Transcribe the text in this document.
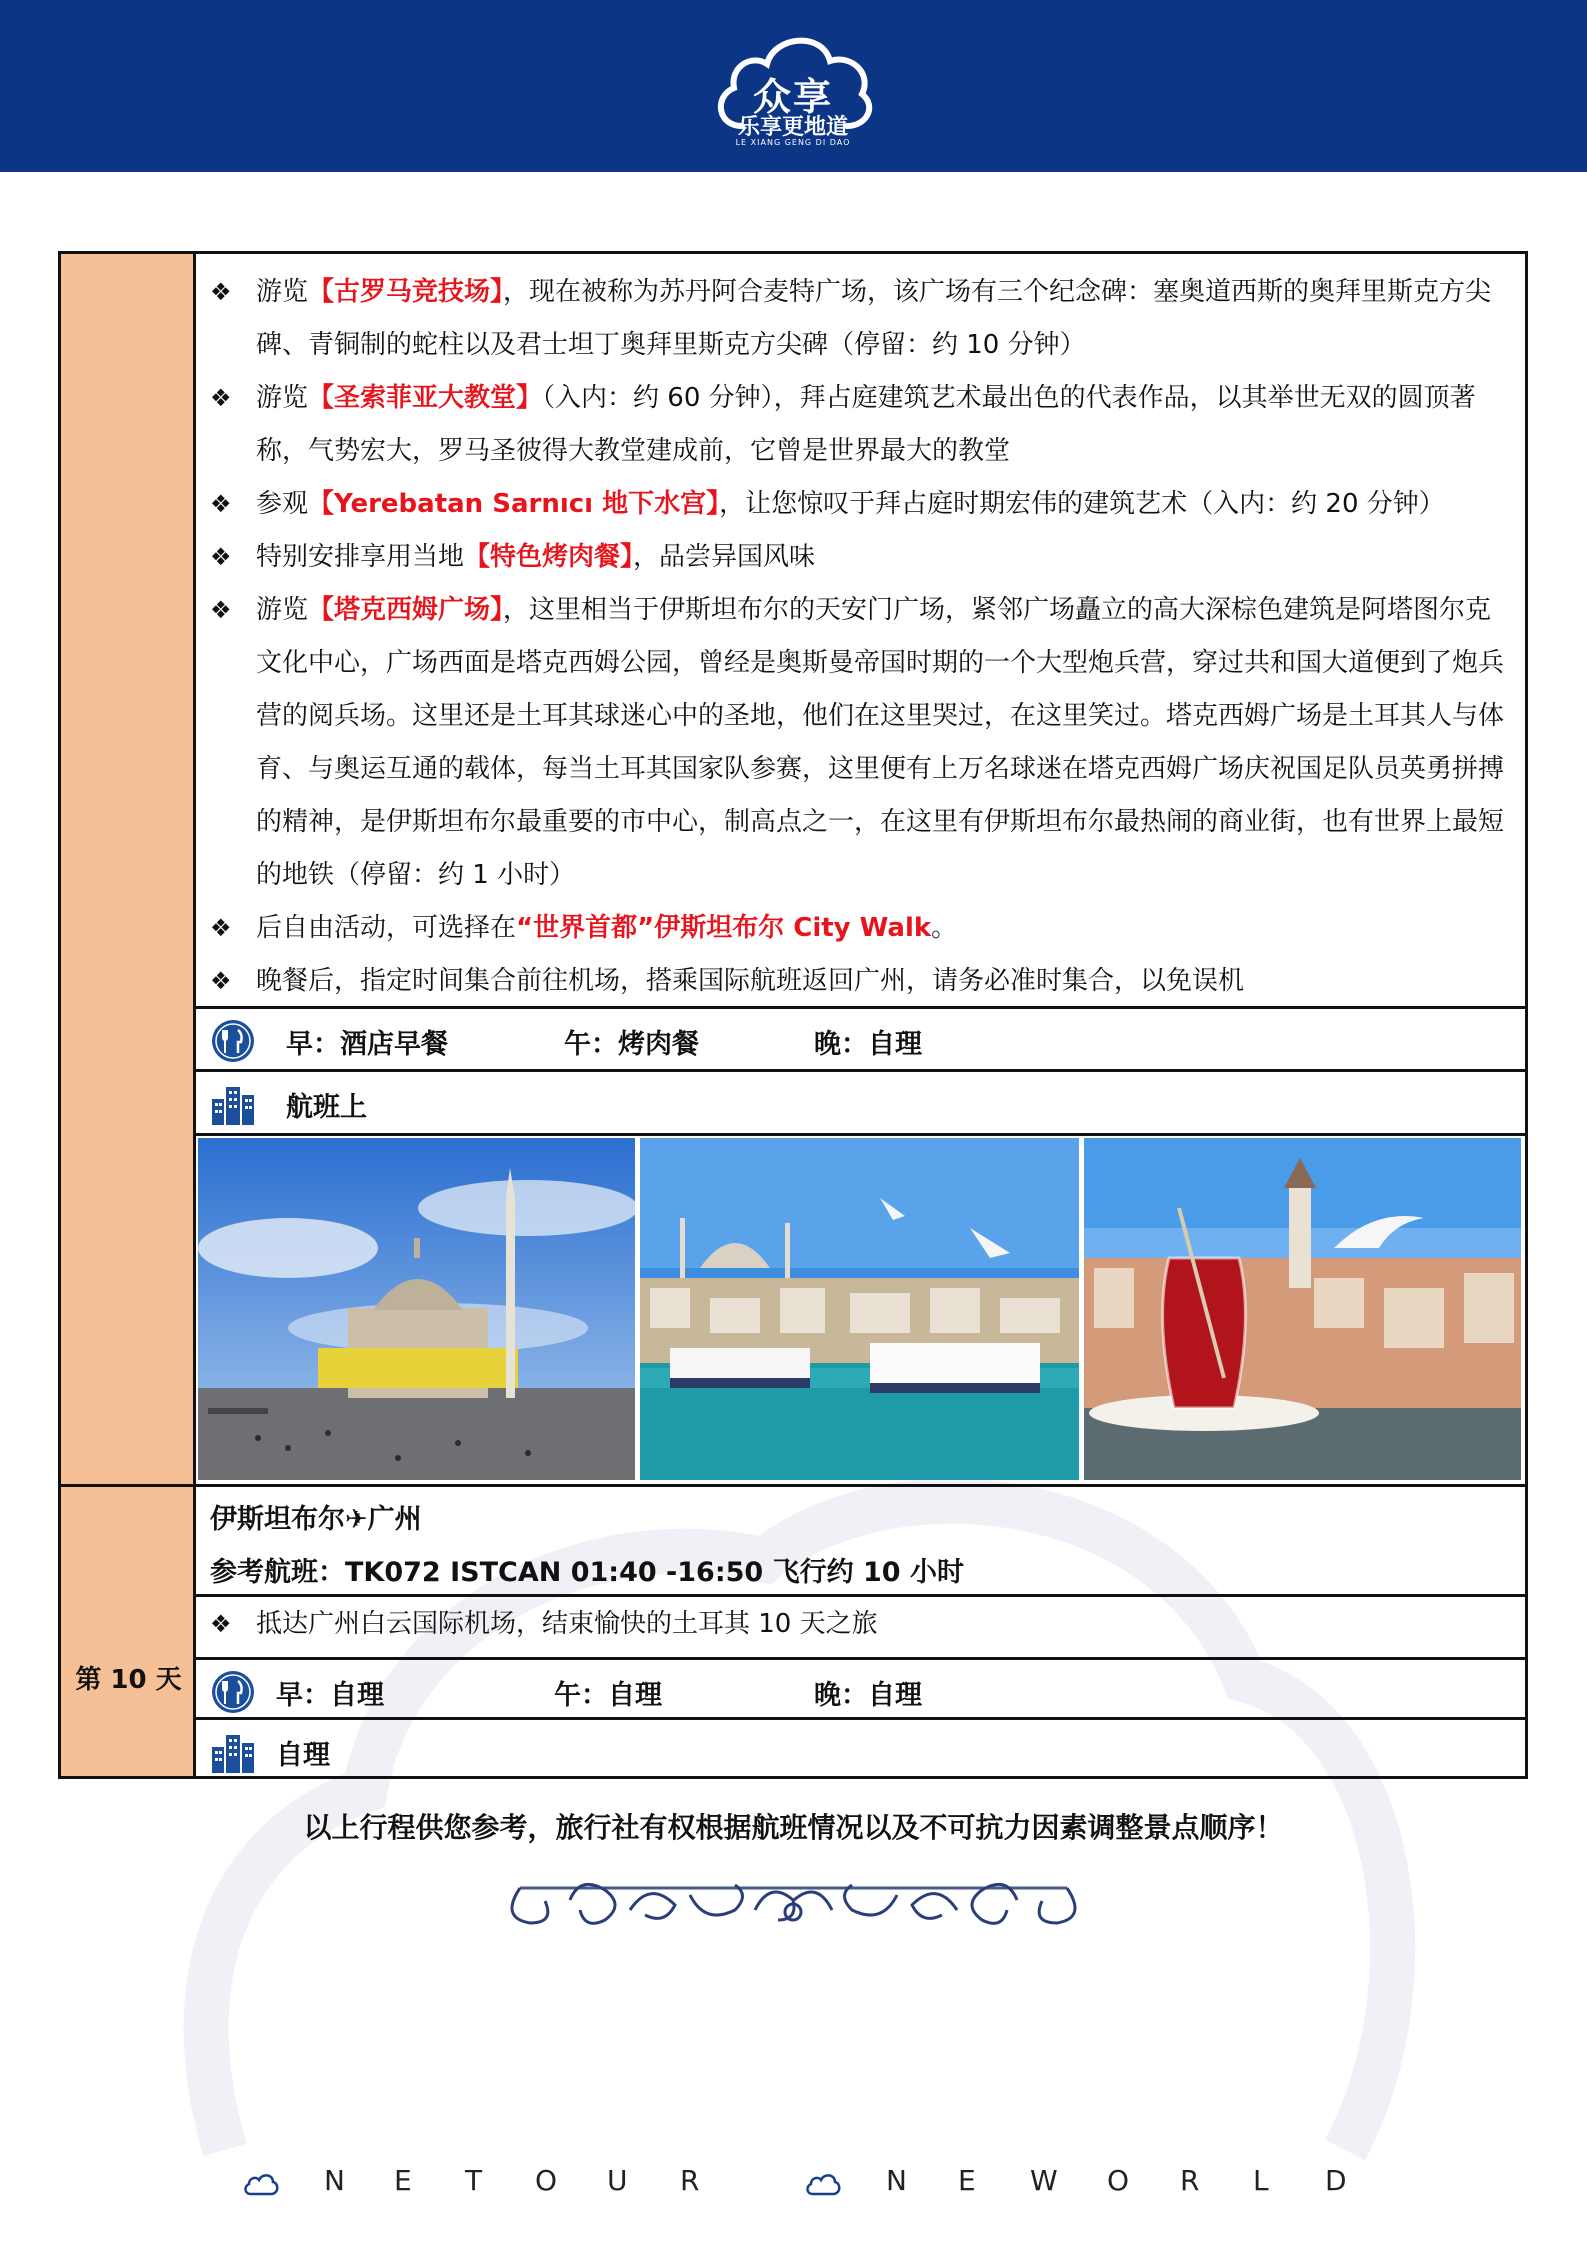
众享
乐享更地道
LE XIANG GENG DI DAO
第 10 天
❖ 游览【古罗马竞技场】，现在被称为苏丹阿合麦特广场，该广场有三个纪念碑：塞奥道西斯的奥拜里斯克方尖碑、青铜制的蛇柱以及君士坦丁奥拜里斯克方尖碑（停留：约 10 分钟）
❖ 游览【圣索菲亚大教堂】（入内：约 60 分钟），拜占庭建筑艺术最出色的代表作品，以其举世无双的圆顶著称，气势宏大，罗马圣彼得大教堂建成前，它曾是世界最大的教堂
❖ 参观【Yerebatan Sarnıcı 地下水宫】，让您惊叹于拜占庭时期宏伟的建筑艺术（入内：约 20 分钟）
❖ 特别安排享用当地【特色烤肉餐】，品尝异国风味
❖ 游览【塔克西姆广场】，这里相当于伊斯坦布尔的天安门广场，紧邻广场矗立的高大深棕色建筑是阿塔图尔克文化中心，广场西面是塔克西姆公园，曾经是奥斯曼帝国时期的一个大型炮兵营，穿过共和国大道便到了炮兵营的阅兵场。这里还是土耳其球迷心中的圣地，他们在这里哭过，在这里笑过。塔克西姆广场是土耳其人与体育、与奥运互通的载体，每当土耳其国家队参赛，这里便有上万名球迷在塔克西姆广场庆祝国足队员英勇拼搏的精神，是伊斯坦布尔最重要的市中心，制高点之一，在这里有伊斯坦布尔最热闹的商业街，也有世界上最短的地铁（停留：约 1 小时）
❖ 后自由活动，可选择在“世界首都”伊斯坦布尔 City Walk。
❖ 晚餐后，指定时间集合前往机场，搭乘国际航班返回广州，请务必准时集合，以免误机
早：酒店早餐	午：烤肉餐	晚：自理
航班上
伊斯坦布尔✈广州
参考航班：TK072 ISTCAN 01:40 -16:50 飞行约 10 小时
❖ 抵达广州白云国际机场，结束愉快的土耳其 10 天之旅
早：自理	午：自理	晚：自理
自理
以上行程供您参考，旅行社有权根据航班情况以及不可抗力因素调整景点顺序！
N E T O U R	N E W O R L D
